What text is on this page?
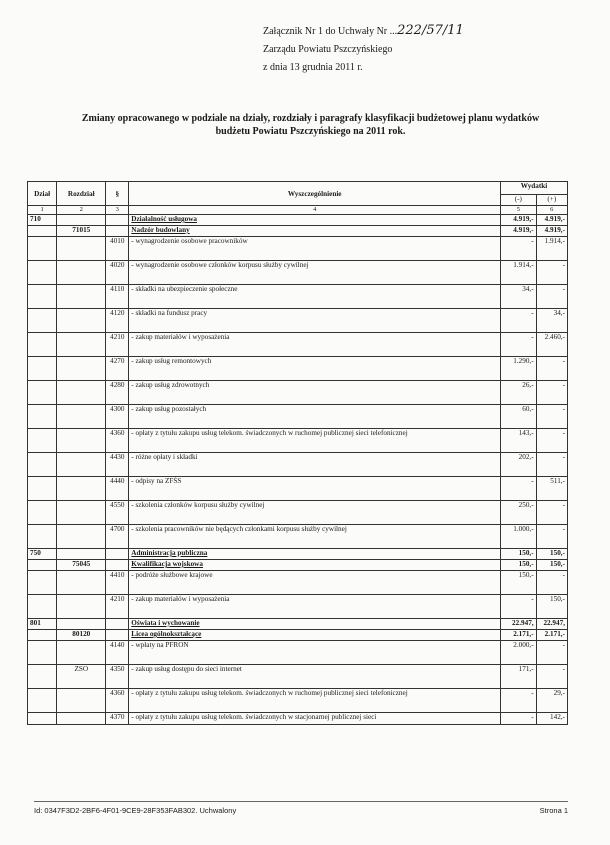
Załącznik Nr 1 do Uchwały Nr ...222/57/11
Zarządu Powiatu Pszczyńskiego
z dnia 13 grudnia 2011 r.
Zmiany opracowanego w podziale na działy, rozdziały i paragrafy klasyfikacji budżetowej planu wydatków
budżetu Powiatu Pszczyńskiego na 2011 rok.
Dział	Rozdział	§	Wyszczególnienie	Wydatki	
				(-)	(+)
1	2	3	4	5	6
710			Działalność usługowa	4.919,-	4.919,-
	71015		Nadzór budowlany	4.919,-	4.919,-
		4010	- wynagrodzenie osobowe pracowników	-	1.914,-
		4020	- wynagrodzenie osobowe członków korpusu służby cywilnej	1.914,-	-
		4110	- składki na ubezpieczenie społeczne	34,-	-
		4120	- składki na fundusz pracy	-	34,-
		4210	- zakup materiałów i wyposażenia	-	2.460,-
		4270	- zakup usług remontowych	1.290,-	-
		4280	- zakup usług zdrowotnych	26,-	-
		4300	- zakup usług pozostałych	60,-	-
		4360	- opłaty z tytułu zakupu usług telekom. świadczonych w ruchomej publicznej sieci telefonicznej	143,-	-
		4430	- różne opłaty i składki	202,-	-
		4440	- odpisy na ZFŚS	-	511,-
		4550	- szkolenia członków korpusu służby cywilnej	250,-	-
		4700	- szkolenia pracowników nie będących członkami korpusu służby cywilnej	1.000,-	-
750			Administracja publiczna	150,-	150,-
	75045		Kwalifikacja wojskowa	150,-	150,-
		4410	- podróże służbowe krajowe	150,-	-
		4210	- zakup materiałów i wyposażenia	-	150,-
801			Oświata i wychowanie	22.947,	22.947,
	80120		Licea ogólnokształcące	2.171,-	2.171,-
		4140	- wpłaty na PFRON	2.000,-	-
	ZSO	4350	- zakup usług dostępu do sieci internet	171,-	-
		4360	- opłaty z tytułu zakupu usług telekom. świadczonych w ruchomej publicznej sieci telefonicznej	-	29,-
		4370	- opłaty z tytułu zakupu usług telekom. świadczonych w stacjonarnej publicznej sieci	-	142,-
Id: 0347F3D2-2BF6-4F01-9CE9-28F353FAB302. Uchwalony	Strona 1
